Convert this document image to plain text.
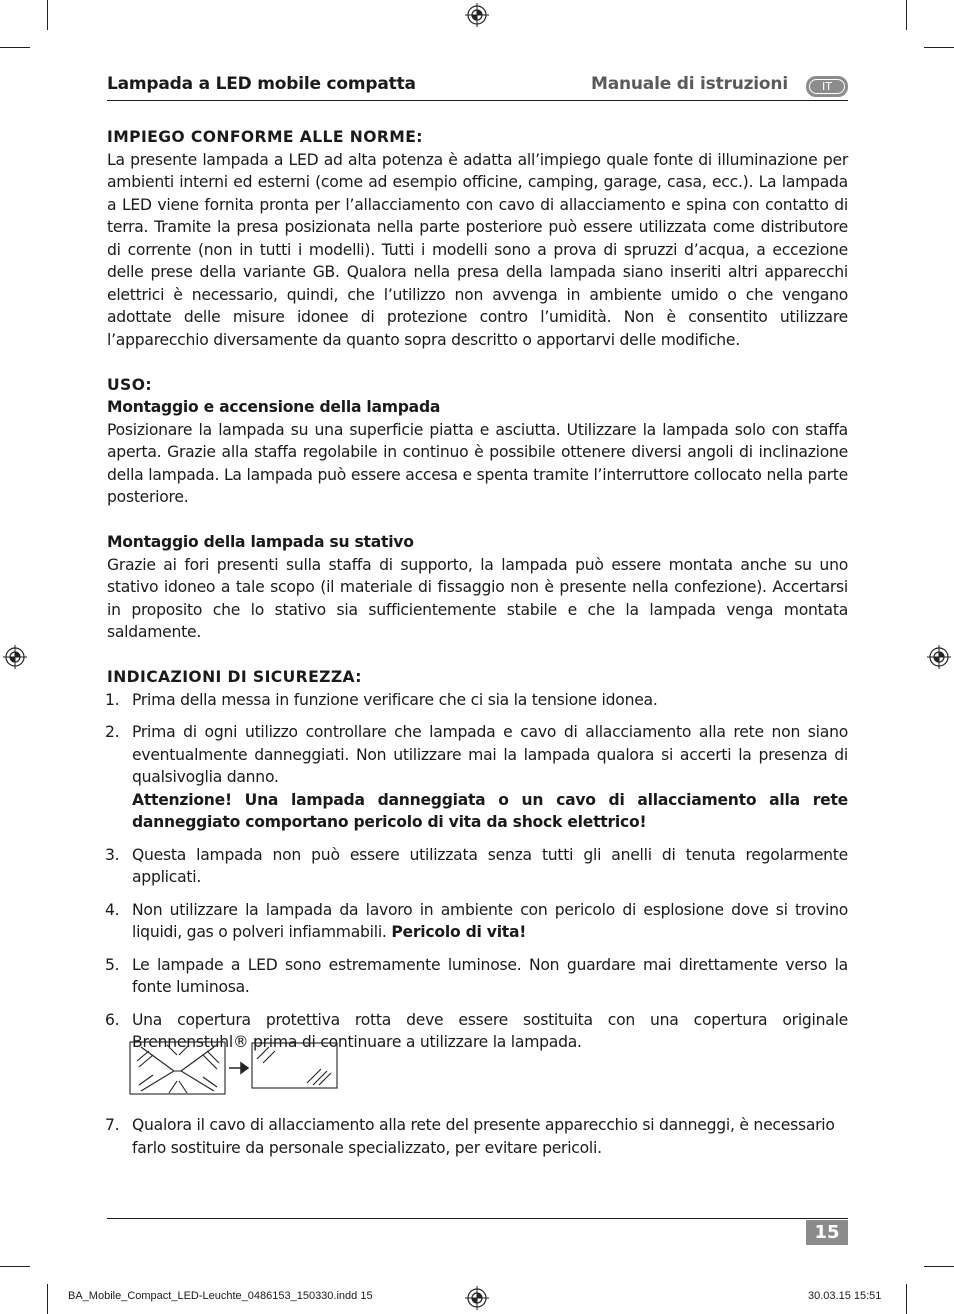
Lampada a LED mobile compatta	Manuale di istruzioni	IT

IMPIEGO CONFORME ALLE NORME:

La presente lampada a LED ad alta potenza è adatta all’impiego quale fonte di illuminazione per ambienti interni ed esterni (come ad esempio officine, camping, garage, casa, ecc.). La lampada a LED viene fornita pronta per l’allacciamento con cavo di allacciamento e spina con contatto di terra. Tramite la presa posizionata nella parte posteriore può essere utilizzata come distributore di corrente (non in tutti i modelli). Tutti i modelli sono a prova di spruzzi d’acqua, a eccezione delle prese della variante GB. Qualora nella presa della lampada siano inseriti altri apparecchi elettrici è necessario, quindi, che l’utilizzo non avvenga in ambiente umido o che vengano adottate delle misure idonee di protezione contro l’umidità. Non è consentito utilizzare l’apparecchio diversamente da quanto sopra descritto o apportarvi delle modifiche.

USO:

Montaggio e accensione della lampada

Posizionare la lampada su una superficie piatta e asciutta. Utilizzare la lampada solo con staffa aperta. Grazie alla staffa regolabile in continuo è possibile ottenere diversi angoli di inclinazione della lampada. La lampada può essere accesa e spenta tramite l’interruttore collocato nella parte posteriore.

Montaggio della lampada su stativo

Grazie ai fori presenti sulla staffa di supporto, la lampada può essere montata anche su uno stativo idoneo a tale scopo (il materiale di fissaggio non è presente nella confezione). Accertarsi in proposito che lo stativo sia sufficientemente stabile e che la lampada venga montata saldamente.

INDICAZIONI DI SICUREZZA:

1. Prima della messa in funzione verificare che ci sia la tensione idonea.
2. Prima di ogni utilizzo controllare che lampada e cavo di allacciamento alla rete non siano eventualmente danneggiati. Non utilizzare mai la lampada qualora si accerti la presenza di qualsivoglia danno.
Attenzione! Una lampada danneggiata o un cavo di allacciamento alla rete danneggiato comportano pericolo di vita da shock elettrico!
3. Questa lampada non può essere utilizzata senza tutti gli anelli di tenuta regolarmente applicati.
4. Non utilizzare la lampada da lavoro in ambiente con pericolo di esplosione dove si trovino liquidi, gas o polveri infiammabili. Pericolo di vita!
5. Le lampade a LED sono estremamente luminose. Non guardare mai direttamente verso la fonte luminosa.
6. Una copertura protettiva rotta deve essere sostituita con una copertura originale Brennenstuhl® prima di continuare a utilizzare la lampada.
7. Qualora il cavo di allacciamento alla rete del presente apparecchio si danneggi, è necessario farlo sostituire da personale specializzato, per evitare pericoli.
15
BA_Mobile_Compact_LED-Leuchte_0486153_150330.indd 15	30.03.15 15:51
